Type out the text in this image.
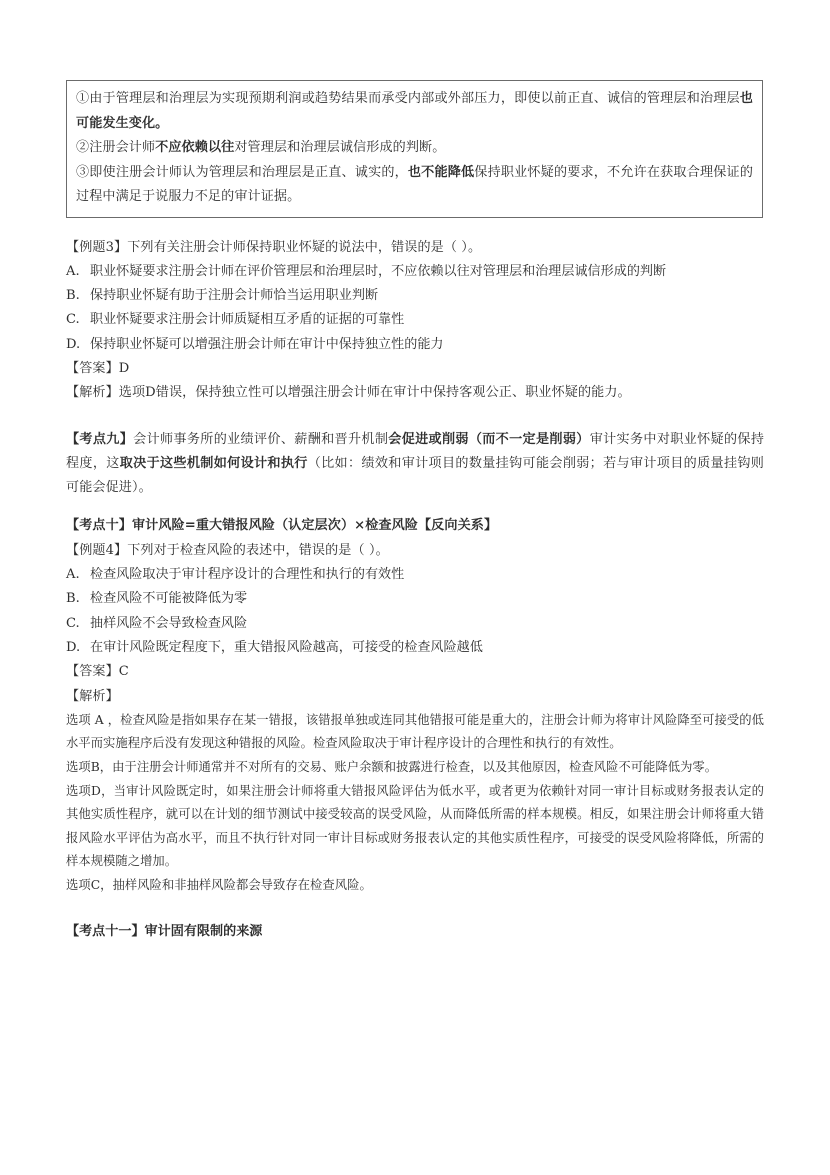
①由于管理层和治理层为实现预期利润或趋势结果而承受内部或外部压力，即使以前正直、诚信的管理层和治理层也可能发生变化。
②注册会计师不应依赖以往对管理层和治理层诚信形成的判断。
③即使注册会计师认为管理层和治理层是正直、诚实的，也不能降低保持职业怀疑的要求，不允许在获取合理保证的过程中满足于说服力不足的审计证据。

【例题3】下列有关注册会计师保持职业怀疑的说法中，错误的是（ ）。

A. 职业怀疑要求注册会计师在评价管理层和治理层时，不应依赖以往对管理层和治理层诚信形成的判断

B. 保持职业怀疑有助于注册会计师恰当运用职业判断

C. 职业怀疑要求注册会计师质疑相互矛盾的证据的可靠性

D. 保持职业怀疑可以增强注册会计师在审计中保持独立性的能力

【答案】D

【解析】选项D错误，保持独立性可以增强注册会计师在审计中保持客观公正、职业怀疑的能力。

【考点九】会计师事务所的业绩评价、薪酬和晋升机制会促进或削弱（而不一定是削弱）审计实务中对职业怀疑的保持程度，这取决于这些机制如何设计和执行（比如：绩效和审计项目的数量挂钩可能会削弱；若与审计项目的质量挂钩则可能会促进）。

【考点十】审计风险=重大错报风险（认定层次）×检查风险【反向关系】

【例题4】下列对于检查风险的表述中，错误的是（ ）。

A. 检查风险取决于审计程序设计的合理性和执行的有效性

B. 检查风险不可能被降低为零

C. 抽样风险不会导致检查风险

D. 在审计风险既定程度下，重大错报风险越高，可接受的检查风险越低

【答案】C

【解析】

选项 A ，检查风险是指如果存在某一错报，该错报单独或连同其他错报可能是重大的，注册会计师为将审计风险降至可接受的低水平而实施程序后没有发现这种错报的风险。检查风险取决于审计程序设计的合理性和执行的有效性。

选项B，由于注册会计师通常并不对所有的交易、账户余额和披露进行检查，以及其他原因，检查风险不可能降低为零。

选项D，当审计风险既定时，如果注册会计师将重大错报风险评估为低水平，或者更为依赖针对同一审计目标或财务报表认定的其他实质性程序，就可以在计划的细节测试中接受较高的误受风险，从而降低所需的样本规模。相反，如果注册会计师将重大错报风险水平评估为高水平，而且不执行针对同一审计目标或财务报表认定的其他实质性程序，可接受的误受风险将降低，所需的样本规模随之增加。

选项C，抽样风险和非抽样风险都会导致存在检查风险。

【考点十一】审计固有限制的来源
